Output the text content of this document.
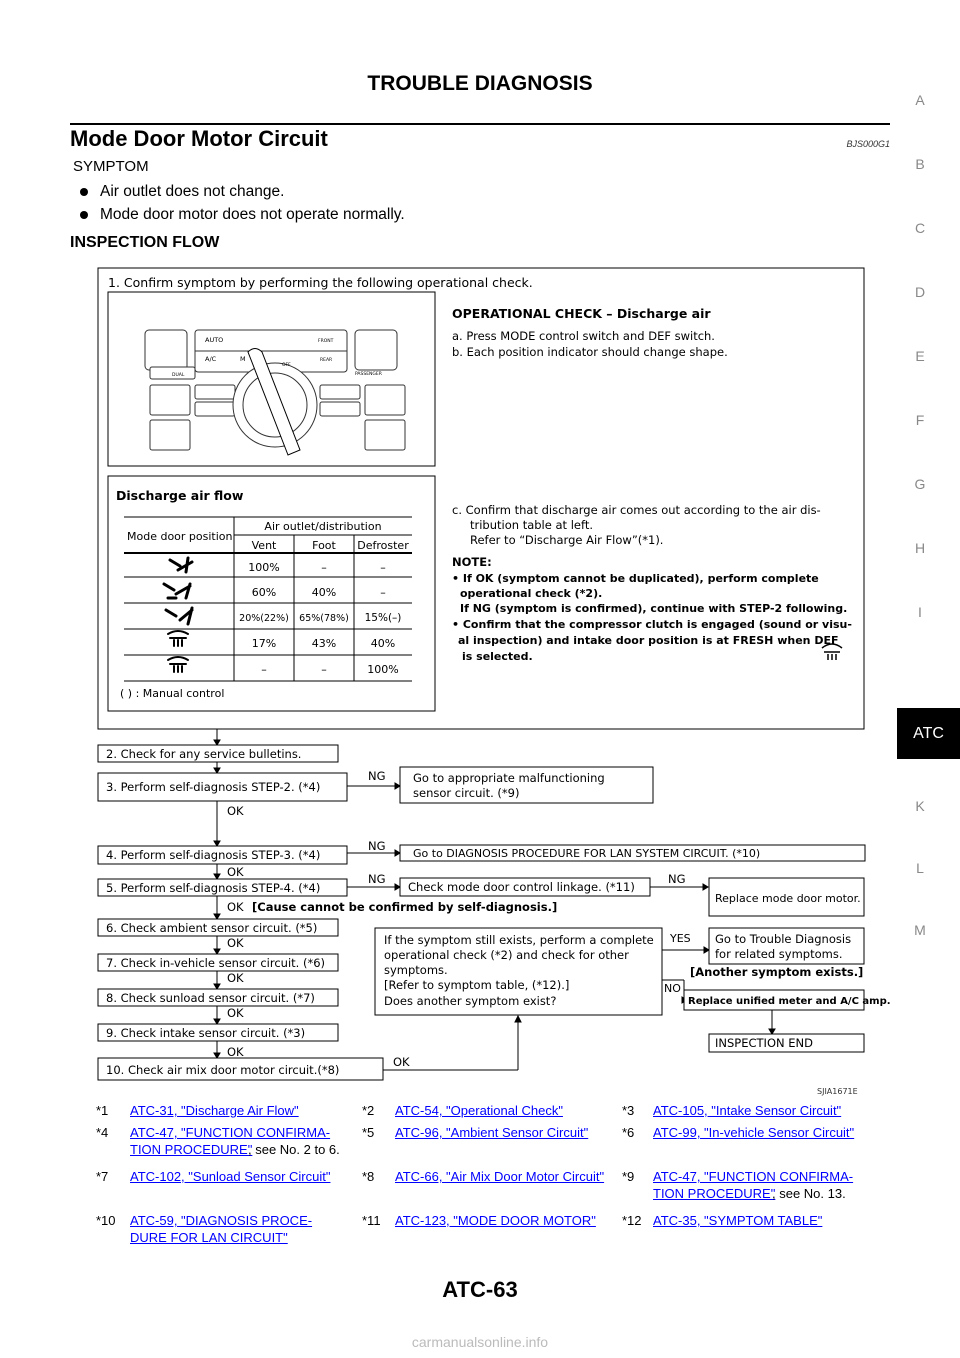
TROUBLE DIAGNOSIS
Mode Door Motor Circuit	BJS000G1
SYMPTOM
Air outlet does not change.
Mode door motor does not operate normally.
INSPECTION FLOW
A
B
C
D
E
F
G
H
I
ATC
K
L
M
1. Confirm symptom by performing the following operational check.
AUTO	FRONT
A/C	M
OFF
REAR
DUAL	PASSENGER
OPERATIONAL CHECK – Discharge air
a. Press MODE control switch and DEF switch.
b. Each position indicator should change shape.
Discharge air flow
Mode door position
Air outlet/distribution
Vent	Foot Defroster
100%	–	–
60%	40%	–
20%(22%) 65%(78%) 15%(–)
17%	43%	40%
–	–	100%
( ) : Manual control
c. Confirm that discharge air comes out according to the air dis-
tribution table at left.
Refer to “Discharge Air Flow”(*1).
NOTE:
• If OK (symptom cannot be duplicated), perform complete
operational check (*2).
If NG (symptom is confirmed), continue with STEP-2 following.
• Confirm that the compressor clutch is engaged (sound or visu-
al inspection) and intake door position is at FRESH when DEF
is selected.
2. Check for any service bulletins.
3. Perform self-diagnosis STEP-2. (*4)
Go to appropriate malfunctioning
sensor circuit. (*9)
4. Perform self-diagnosis STEP-3. (*4)	Go to DIAGNOSIS PROCEDURE FOR LAN SYSTEM CIRCUIT. (*10)
5. Perform self-diagnosis STEP-4. (*4)	Check mode door control linkage. (*11)
Replace mode door motor.
[Cause cannot be confirmed by self-diagnosis.]
6. Check ambient sensor circuit. (*5)
7. Check in-vehicle sensor circuit. (*6)
8. Check sunload sensor circuit. (*7)
9. Check intake sensor circuit. (*3)
10. Check air mix door motor circuit.(*8)
If the symptom still exists, perform a complete
operational check (*2) and check for other
symptoms.
[Refer to symptom table, (*12).]
Does another symptom exist?
Go to Trouble Diagnosis
for related symptoms.
[Another symptom exists.]
Replace unified meter and A/C amp.
INSPECTION END
OK
NG
OK
NG
OK
NG	NG
OK
OK
OK
OK
OK
YES
NO
SJIA1671E
*1 ATC-31, "Discharge Air Flow"	*2 ATC-54, "Operational Check"	*3 ATC-105, "Intake Sensor Circuit"
*4 ATC-47, "FUNCTION CONFIRMA-
TION PROCEDURE"
, see No. 2 to 6.
*5 ATC-96, "Ambient Sensor Circuit"	*6 ATC-99, "In-vehicle Sensor Circuit"
*7 ATC-102, "Sunload Sensor Circuit" *8 ATC-66, "Air Mix Door Motor Circuit" *9 ATC-47, "FUNCTION CONFIRMA-
TION PROCEDURE"
, see No. 13.
*10 ATC-59, "DIAGNOSIS PROCE-
DURE FOR LAN CIRCUIT"
*11 ATC-123, "MODE DOOR MOTOR" *12 ATC-35, "SYMPTOM TABLE"
ATC-63
carmanualsonline.info
